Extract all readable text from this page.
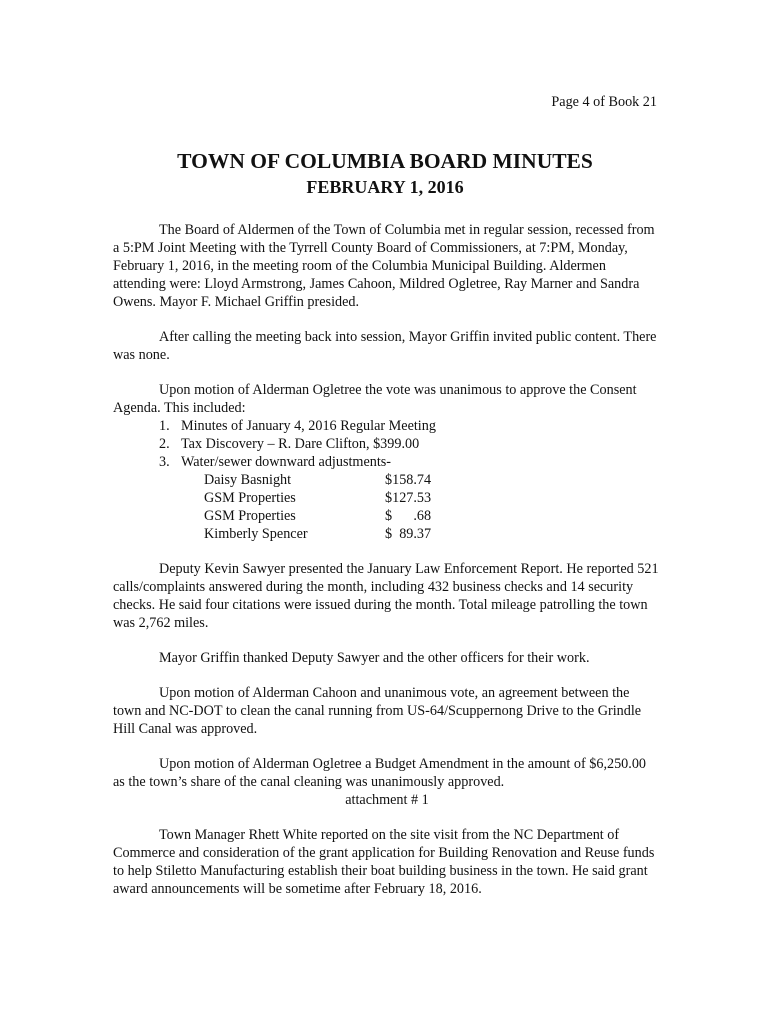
Page 4 of Book 21
TOWN OF COLUMBIA BOARD MINUTES
FEBRUARY 1, 2016

The Board of Aldermen of the Town of Columbia met in regular session, recessed from a 5:PM Joint Meeting with the Tyrrell County Board of Commissioners, at 7:PM, Monday, February 1, 2016, in the meeting room of the Columbia Municipal Building. Aldermen attending were: Lloyd Armstrong, James Cahoon, Mildred Ogletree, Ray Marner and Sandra Owens. Mayor F. Michael Griffin presided.

After calling the meeting back into session, Mayor Griffin invited public content. There was none.

Upon motion of Alderman Ogletree the vote was unanimous to approve the Consent Agenda. This included:
1. Minutes of January 4, 2016 Regular Meeting
2. Tax Discovery – R. Dare Clifton, $399.00
3. Water/sewer downward adjustments-
Daisy Basnight	$158.74
GSM Properties	$127.53
GSM Properties	$      .68
Kimberly Spencer	$  89.37

Deputy Kevin Sawyer presented the January Law Enforcement Report. He reported 521 calls/complaints answered during the month, including 432 business checks and 14 security checks. He said four citations were issued during the month. Total mileage patrolling the town was 2,762 miles.

Mayor Griffin thanked Deputy Sawyer and the other officers for their work.

Upon motion of Alderman Cahoon and unanimous vote, an agreement between the town and NC-DOT to clean the canal running from US-64/Scuppernong Drive to the Grindle Hill Canal was approved.

Upon motion of Alderman Ogletree a Budget Amendment in the amount of $6,250.00 as the town’s share of the canal cleaning was unanimously approved.

attachment # 1

Town Manager Rhett White reported on the site visit from the NC Department of Commerce and consideration of the grant application for Building Renovation and Reuse funds to help Stiletto Manufacturing establish their boat building business in the town. He said grant award announcements will be sometime after February 18, 2016.
